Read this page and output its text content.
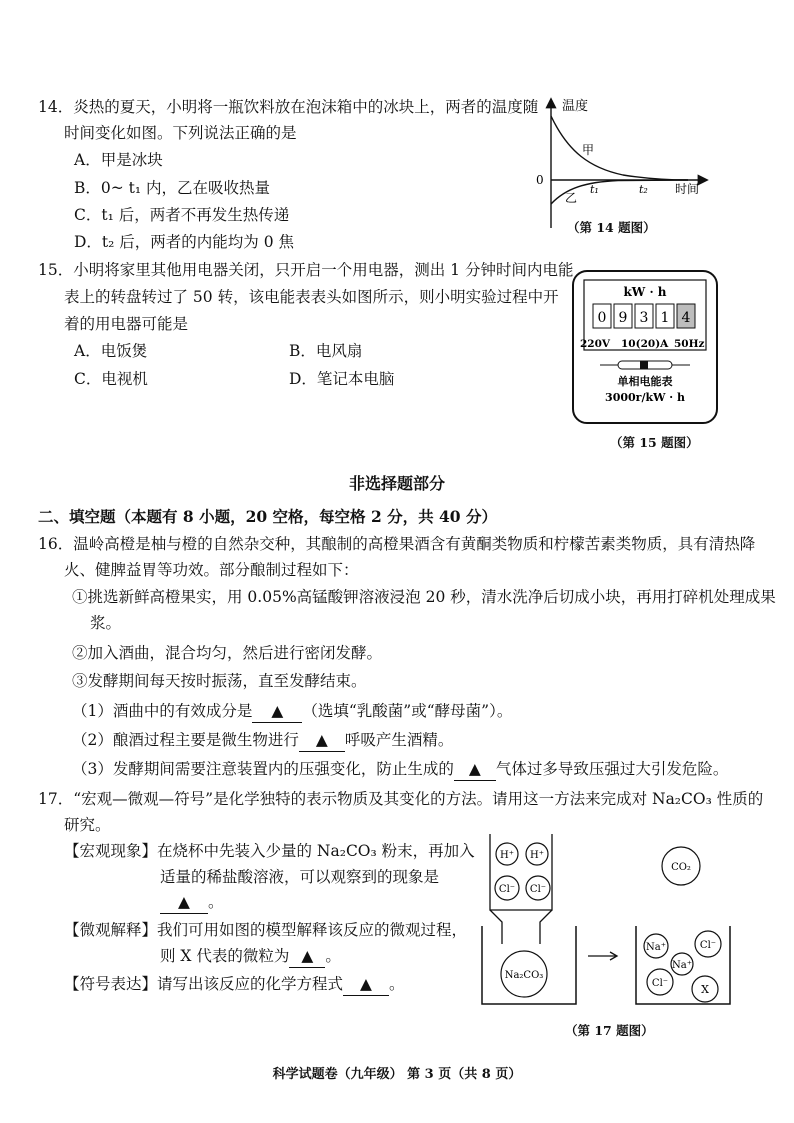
14．炎热的夏天，小明将一瓶饮料放在泡沫箱中的冰块上，两者的温度随
时间变化如图。下列说法正确的是
A．甲是冰块
B．0~ t₁ 内，乙在吸收热量
C．t₁ 后，两者不再发生热传递
D．t₂ 后，两者的内能均为 0 焦
温度
时间
0
甲
乙
t₁	t₂
（第 14 题图）
15．小明将家里其他用电器关闭，只开启一个用电器，测出 1 分钟时间内电能
表上的转盘转过了 50 转，该电能表表头如图所示，则小明实验过程中开
着的用电器可能是
A．电饭煲	B．电风扇
C．电视机	D．笔记本电脑
kW · h
0 9 3 1 4
220V 10(20)A 50Hz
单相电能表
3000r/kW · h
（第 15 题图）
非选择题部分
二、填空题（本题有 8 小题，20 空格，每空格 2 分，共 40 分）
16．温岭高橙是柚与橙的自然杂交种，其酿制的高橙果酒含有黄酮类物质和柠檬苦素类物质，具有清热降
火、健脾益胃等功效。部分酿制过程如下：
①挑选新鲜高橙果实，用 0.05%高锰酸钾溶液浸泡 20 秒，清水洗净后切成小块，再用打碎机处理成果
浆。
②加入酒曲，混合均匀，然后进行密闭发酵。
③发酵期间每天按时振荡，直至发酵结束。
（1）酒曲中的有效成分是 ▲ （选填“乳酸菌”或“酵母菌”）。
（2）酿酒过程主要是微生物进行 ▲ 呼吸产生酒精。
（3）发酵期间需要注意装置内的压强变化，防止生成的 ▲ 气体过多导致压强过大引发危险。
17．“宏观—微观—符号”是化学独特的表示物质及其变化的方法。请用这一方法来完成对 Na₂CO₃ 性质的
研究。
【宏观现象】在烧杯中先装入少量的 Na₂CO₃ 粉末，再加入
适量的稀盐酸溶液，可以观察到的现象是
▲ 。
【微观解释】我们可用如图的模型解释该反应的微观过程，
则 X 代表的微粒为 ▲ 。
【符号表达】请写出该反应的化学方程式 ▲ 。
H⁺ H⁺
Cl⁻ Cl⁻
Na₂CO₃
CO₂
Na⁺	Cl⁻
Na⁺
Cl⁻	X
（第 17 题图）
科学试题卷（九年级） 第 3 页（共 8 页）
